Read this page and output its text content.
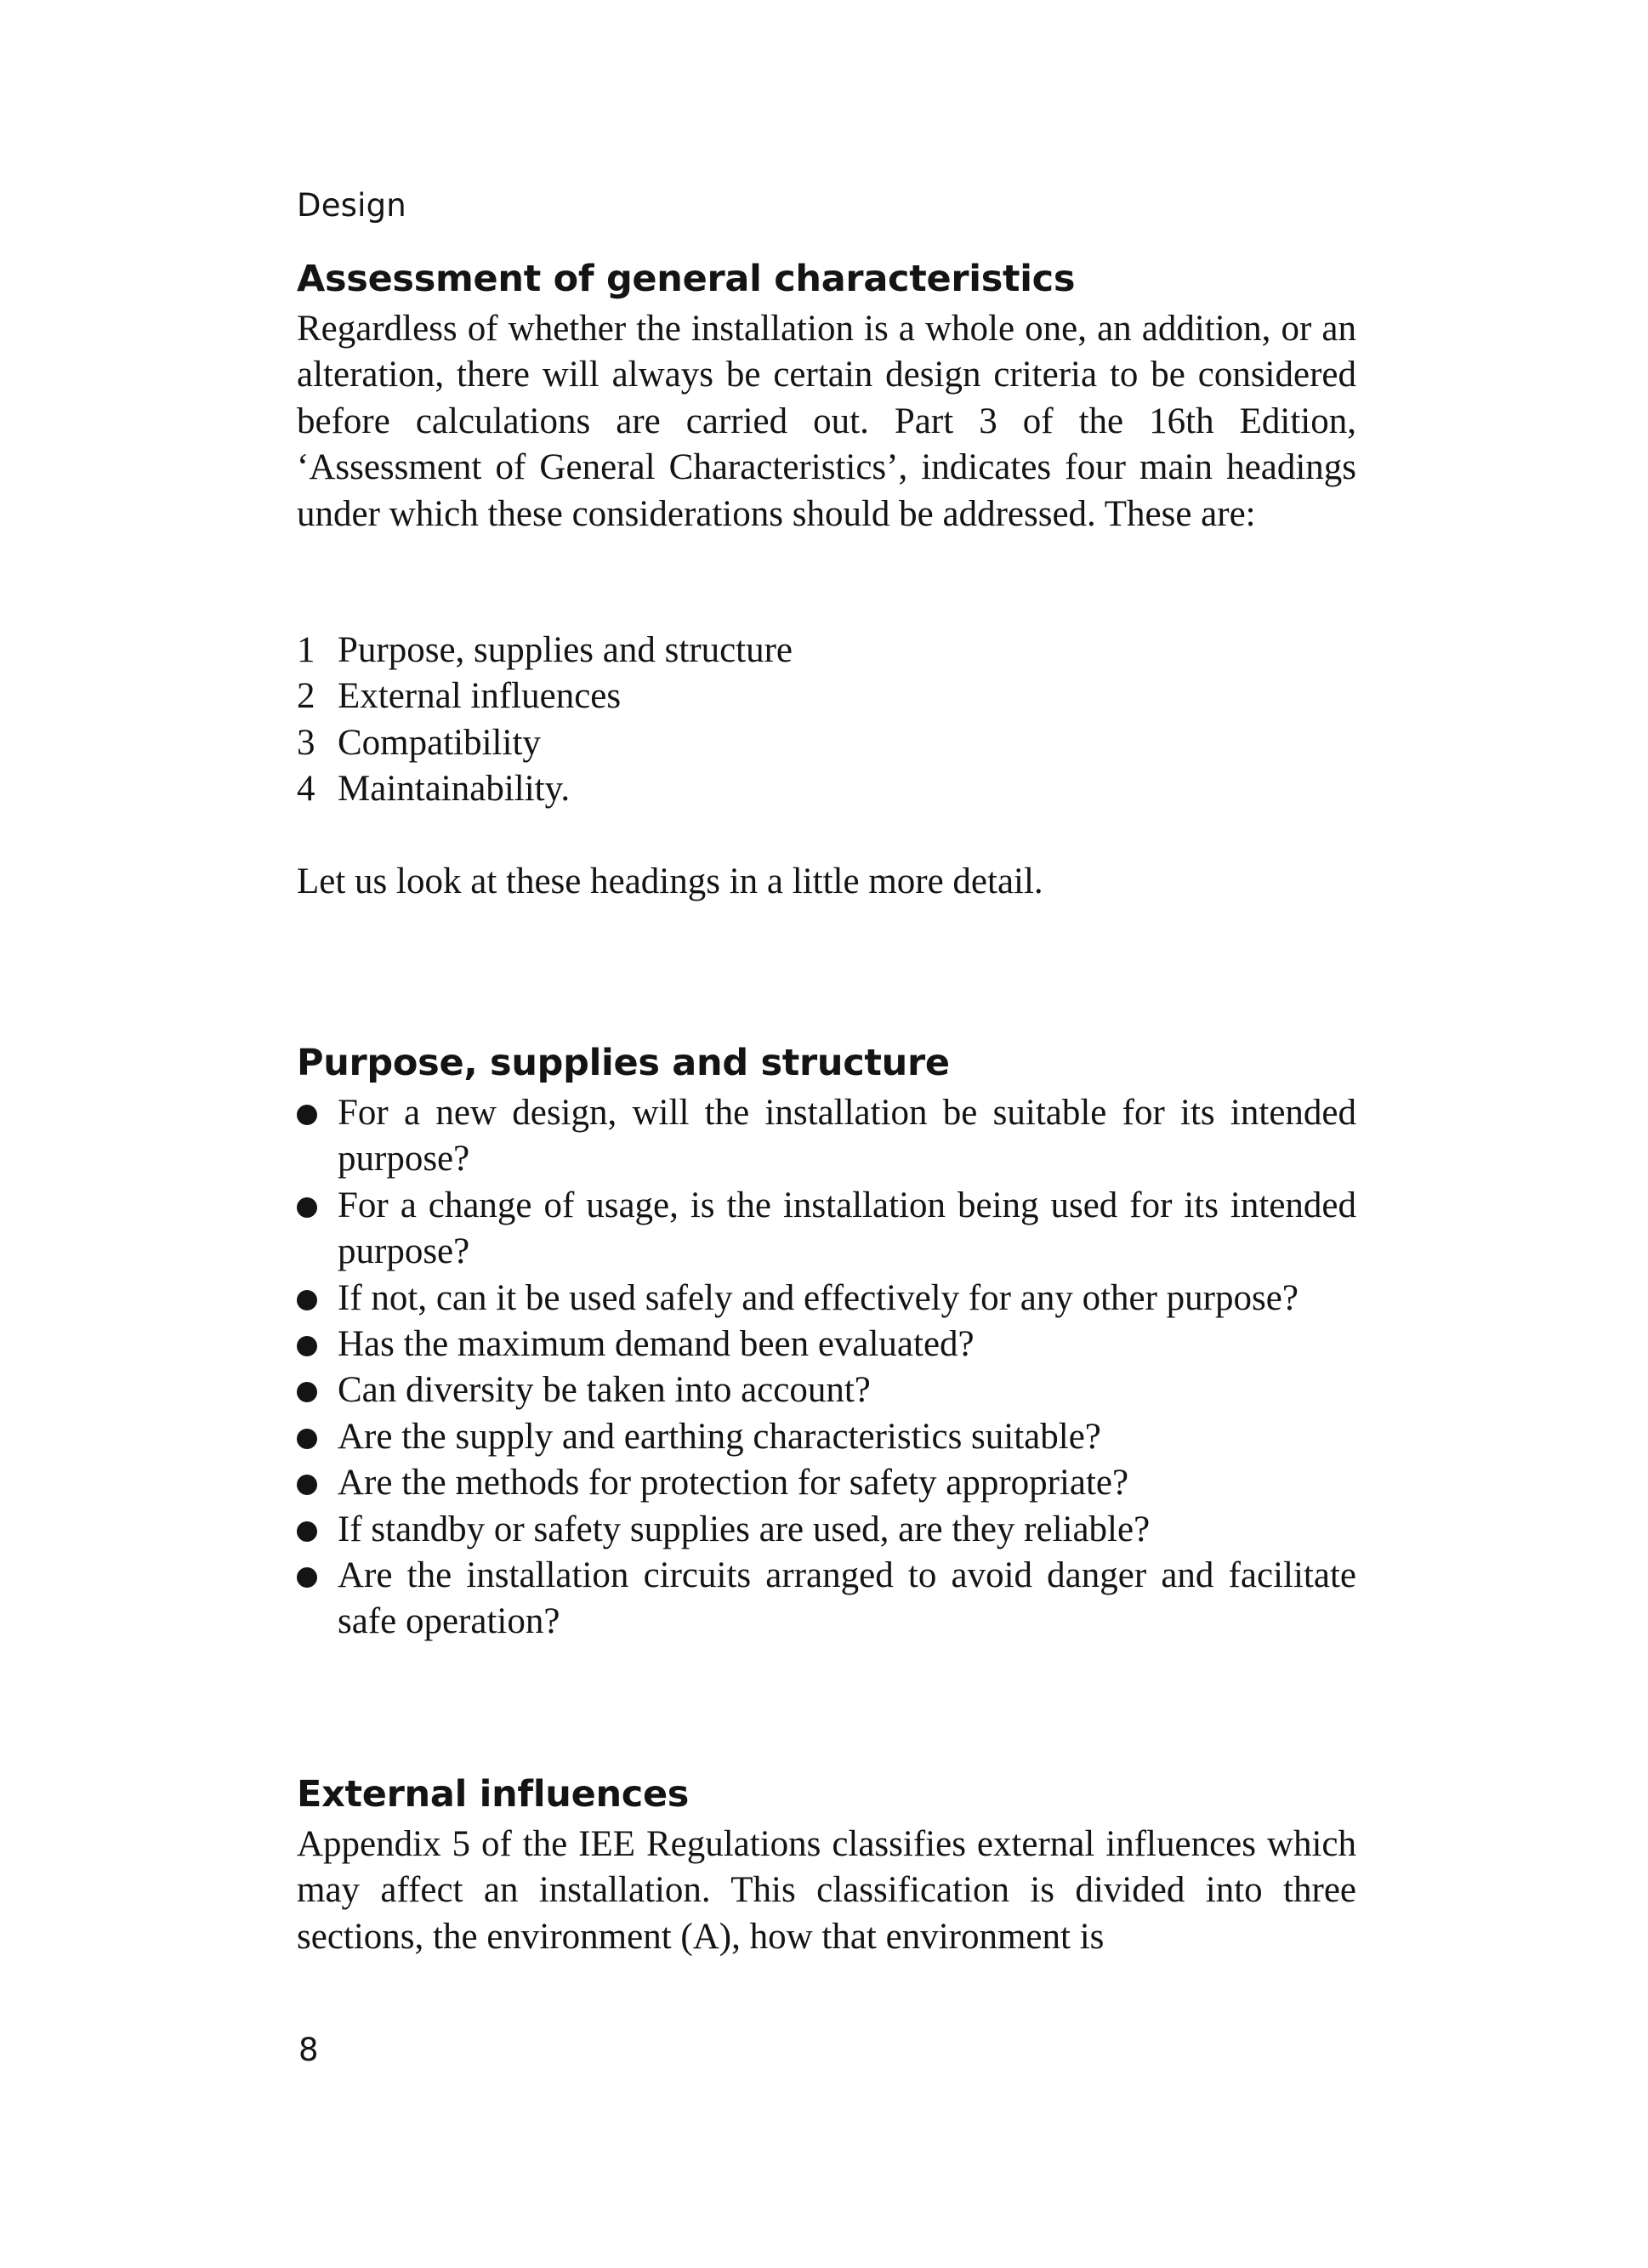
Design
Assessment of general characteristics

Regardless of whether the installation is a whole one, an addition, or an alteration, there will always be certain design criteria to be considered before calculations are carried out. Part 3 of the 16th Edition, ‘Assessment of General Characteristics’, indicates four main headings under which these considerations should be addressed. These are:

1 Purpose, supplies and structure
2 External influences
3 Compatibility
4 Maintainability.

Let us look at these headings in a little more detail.

Purpose, supplies and structure
For a new design, will the installation be suitable for its intended purpose?
For a change of usage, is the installation being used for its intended purpose?
If not, can it be used safely and effectively for any other purpose?
Has the maximum demand been evaluated?
Can diversity be taken into account?
Are the supply and earthing characteristics suitable?
Are the methods for protection for safety appropriate?
If standby or safety supplies are used, are they reliable?
Are the installation circuits arranged to avoid danger and facilitate safe operation?
External influences

Appendix 5 of the IEE Regulations classifies external influences which may affect an installation. This classification is divided into three sections, the environment (A), how that environment is

8
